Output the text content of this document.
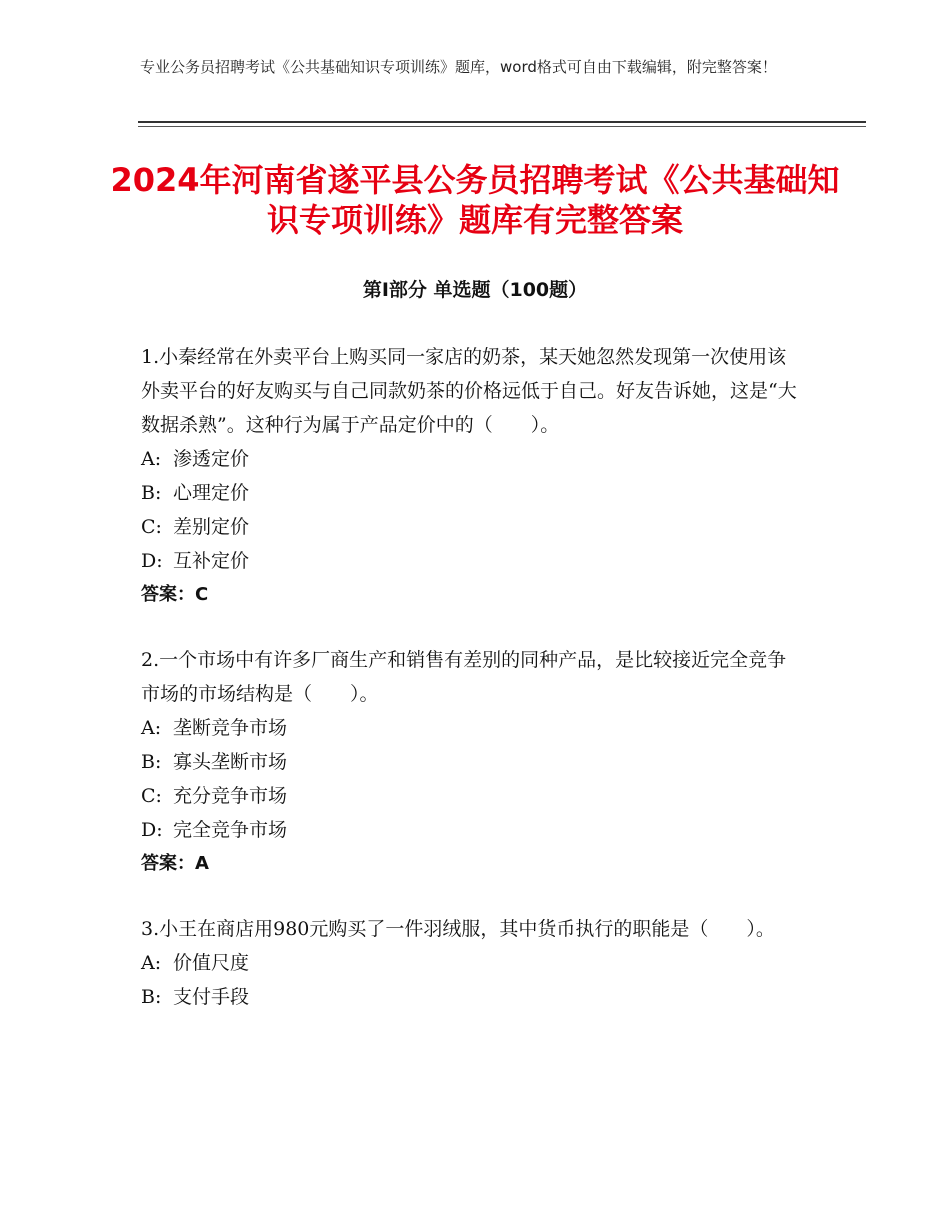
专业公务员招聘考试《公共基础知识专项训练》题库，word格式可自由下载编辑，附完整答案！
2024年河南省遂平县公务员招聘考试《公共基础知识专项训练》题库有完整答案
第Ⅰ部分 单选题（100题）

1.小秦经常在外卖平台上购买同一家店的奶茶，某天她忽然发现第一次使用该外卖平台的好友购买与自己同款奶茶的价格远低于自己。好友告诉她，这是“大数据杀熟”。这种行为属于产品定价中的（　　）。

A: 渗透定价

B: 心理定价

C: 差别定价

D: 互补定价

答案：C

2.一个市场中有许多厂商生产和销售有差别的同种产品，是比较接近完全竞争市场的市场结构是（　　）。

A: 垄断竞争市场

B: 寡头垄断市场

C: 充分竞争市场

D: 完全竞争市场

答案：A

3.小王在商店用980元购买了一件羽绒服，其中货币执行的职能是（　　）。

A: 价值尺度

B: 支付手段
